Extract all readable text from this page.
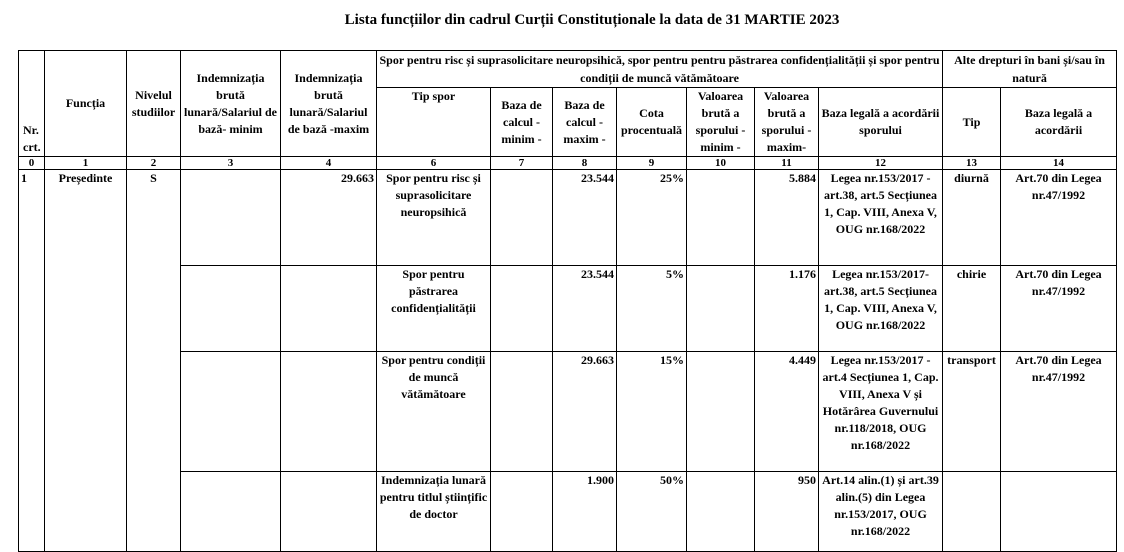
Lista funcțiilor din cadrul Curții Constituționale la data de 31 MARTIE 2023
Nr. crt.	Funcția	Nivelul studiilor	Indemnizația brută lunară/Salariul de bază- minim	Indemnizația brută lunară/Salariul de bază -maxim	Spor pentru risc și suprasolicitare neuropsihică, spor pentru pentru păstrarea confidențialității și spor pentru condiții de muncă vătămătoare							Alte drepturi în bani și/sau în natură	
					Tip spor	Baza de calcul - minim -	Baza de calcul - maxim -	Cota procentuală	Valoarea brută a sporului - minim -	Valoarea brută a sporului - maxim-	Baza legală a acordării sporului	Tip	Baza legală a acordării
0	1	2	3	4	6	7	8	9	10	11	12	13	14
1	Președinte	S		29.663	Spor pentru risc și suprasolicitare neuropsihică		23.544	25%		5.884	Legea nr.153/2017 - art.38, art.5 Secțiunea 1, Cap. VIII, Anexa V, OUG nr.168/2022	diurnă	Art.70 din Legea nr.47/1992
					Spor pentru păstrarea confidențialității		23.544	5%		1.176	Legea nr.153/2017- art.38, art.5 Secțiunea 1, Cap. VIII, Anexa V, OUG nr.168/2022	chirie	Art.70 din Legea nr.47/1992
					Spor pentru condiții de muncă vătămătoare		29.663	15%		4.449	Legea nr.153/2017 - art.4 Secțiunea 1, Cap. VIII, Anexa V și Hotărârea Guvernului nr.118/2018, OUG nr.168/2022	transport	Art.70 din Legea nr.47/1992
					Indemnizația lunară pentru titlul științific de doctor		1.900	50%		950	Art.14 alin.(1) și art.39 alin.(5) din Legea nr.153/2017, OUG nr.168/2022		
